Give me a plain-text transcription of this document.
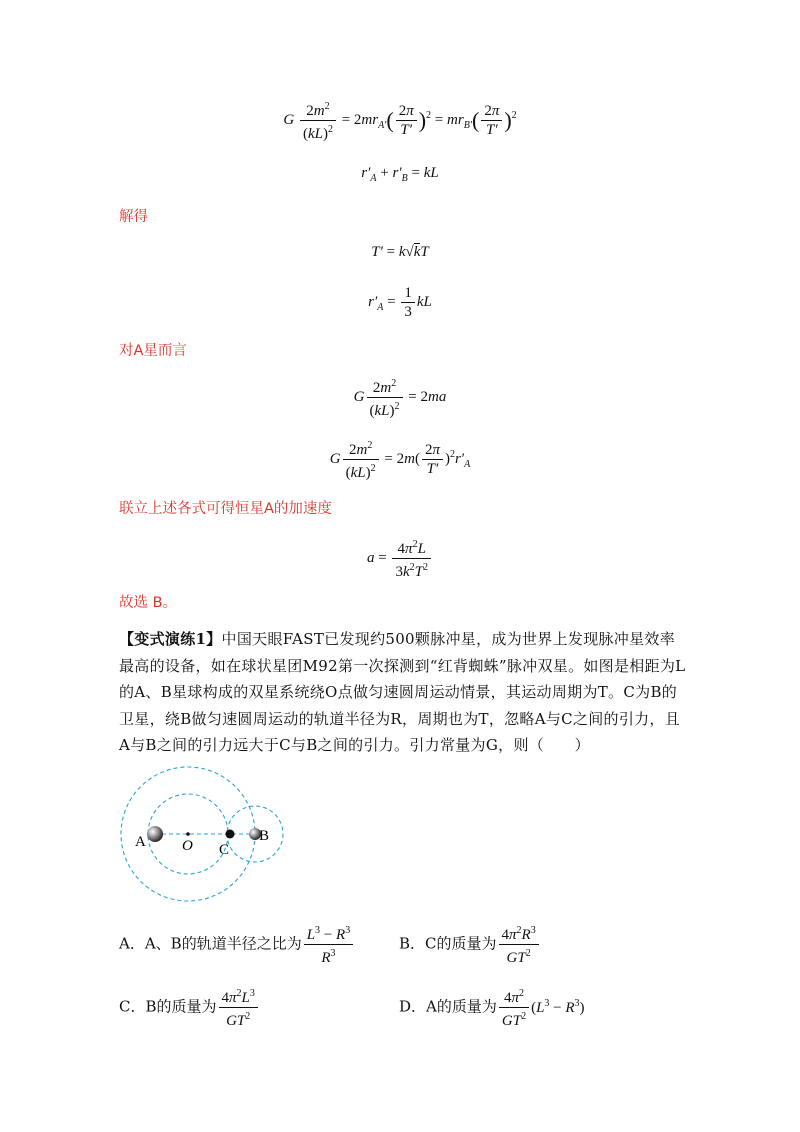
G $\frac{2m^2}{(kL)^2} = 2mr_{A'}( \frac{2\pi}{T'} )^2 = mr_{B'}( \frac{2\pi}{T'} )^2$
$r'_A + r'_B$ = kL
解得
T′ = k√kT
$r'_A = \frac{1}{3}$ kL
对A星而言
G $\frac{2m^2}{(kL)^2} = 2ma$
G $\frac{2m^2}{(kL)^2} = 2m( \frac{2\pi}{T'} )^2r'_A$
联立上述各式可得恒星A的加速度
$a = \frac{4\pi^2L}{3k^2T^2}$
故选 B。
【变式演练1】中国天眼FAST已发现约500颗脉冲星，成为世界上发现脉冲星效率最高的设备，如在球状星团M92第一次探测到“红背蜘蛛”脉冲双星。如图是相距为L的A、B星球构成的双星系统绕O点做匀速圆周运动情景，其运动周期为T。C为B的卫星，绕B做匀速圆周运动的轨道半径为R，周期也为T，忽略A与C之间的引力，且A与B之间的引力远大于C与B之间的引力。引力常量为G，则（　　）
A O C
B
A．A、B的轨道半径之比为 $\frac{L^3 - R^3}{R^3}$	B．C的质量为 $\frac{4\pi^2R^3}{GT^2}$
C．B的质量为 $\frac{4\pi^2L^3}{GT^2}$	D．A的质量为 $\frac{4\pi^2}{GT^2} (L^3 - R^3)$
